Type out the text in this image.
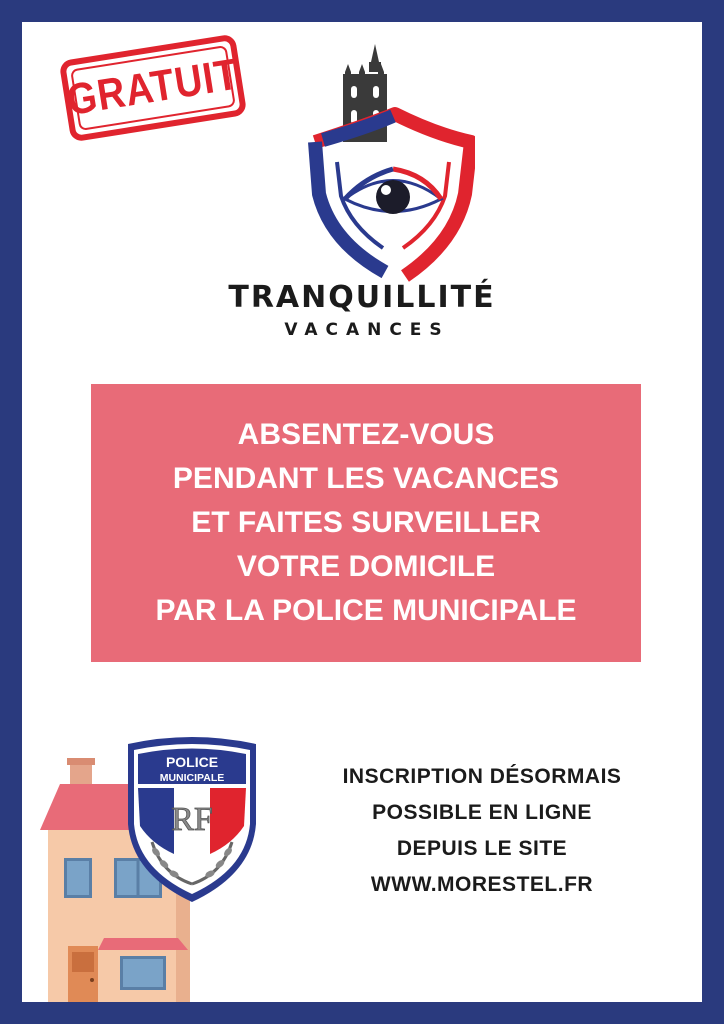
GRATUIT
TRANQUILLITÉ
VACANCES
ABSENTEZ-VOUS
PENDANT LES VACANCES
ET FAITES SURVEILLER
VOTRE DOMICILE
PAR LA POLICE MUNICIPALE
POLICE
MUNICIPALE
RF
INSCRIPTION DÉSORMAIS
POSSIBLE EN LIGNE
DEPUIS LE SITE
WWW.MORESTEL.FR
